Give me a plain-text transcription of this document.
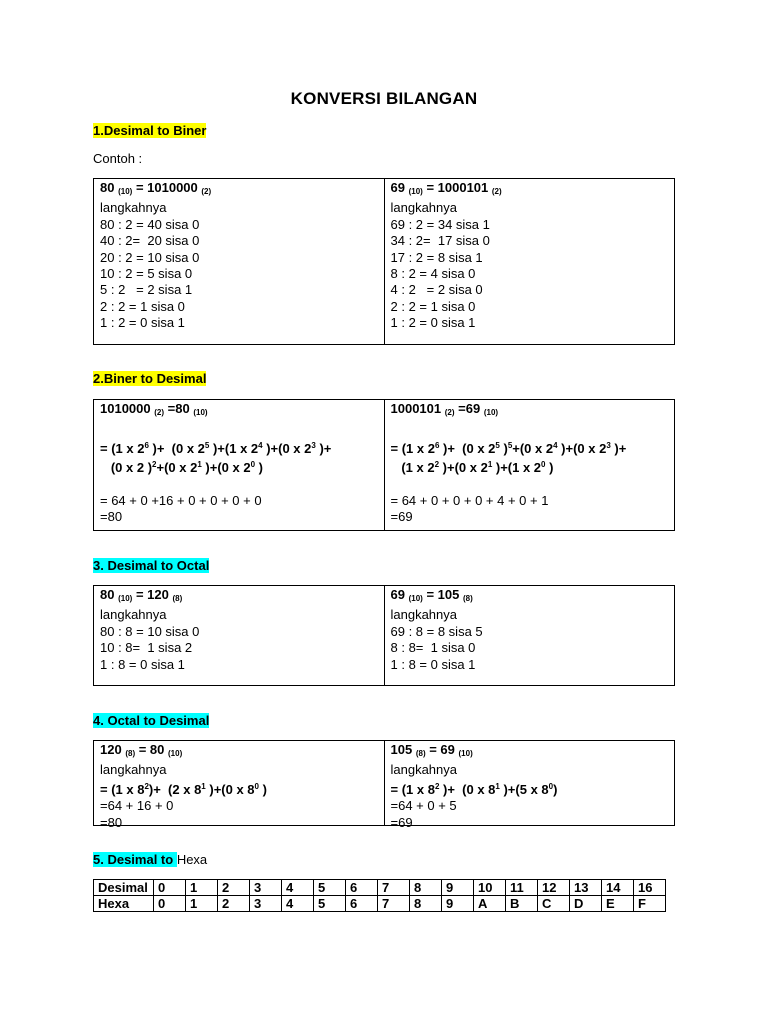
KONVERSI BILANGAN
1.Desimal to Biner
Contoh :
80 $_{(10)}$ = 1010000 $_{(2)}$
langkahnya
80 : 2 = 40 sisa 0
40 : 2=  20 sisa 0
20 : 2 = 10 sisa 0
10 : 2 = 5 sisa 0
5 : 2   = 2 sisa 1
2 : 2 = 1 sisa 0
1 : 2 = 0 sisa 1
69 $_{(10)}$ = 1000101 $_{(2)}$
langkahnya
69 : 2 = 34 sisa 1
34 : 2=  17 sisa 0
17 : 2 = 8 sisa 1
8 : 2 = 4 sisa 0
4 : 2   = 2 sisa 0
2 : 2 = 1 sisa 0
1 : 2 = 0 sisa 1
2.Biner to Desimal
1010000 $_{(2)}$ =80 $_{(10)}$
= (1 x $2^6$ )+  (0 x $2^5$ )+(1 x $2^4$ )+(0 x $2^3$ )+
(0 x 2 )$^2$+(0 x $2^1$ )+(0 x $2^0$ )
= 64 + 0 +16 + 0 + 0 + 0 + 0
=80
1000101 $_{(2)}$ =69 $_{(10)}$
= (1 x $2^6$ )+  (0 x $2^5$ )$^5$+(0 x $2^4$ )+(0 x $2^3$ )+
(1 x $2^2$ )+(0 x $2^1$ )+(1 x $2^0$ )
= 64 + 0 + 0 + 0 + 4 + 0 + 1
=69
3. Desimal to Octal
80 $_{(10)}$ = 120 $_{(8)}$
langkahnya
80 : 8 = 10 sisa 0
10 : 8=  1 sisa 2
1 : 8 = 0 sisa 1
69 $_{(10)}$ = 105 $_{(8)}$
langkahnya
69 : 8 = 8 sisa 5
8 : 8=  1 sisa 0
1 : 8 = 0 sisa 1
4. Octal to Desimal
120 $_{(8)}$ = 80 $_{(10)}$
langkahnya
= (1 x $8^2)+ (2$ x $8^1$ )+(0 x $8^0$ )
=64 + 16 + 0
=80
105 $_{(8)}$ = 69 $_{(10)}$
langkahnya
= (1 x $8^2$ )+  (0 x $8^1$ )+(5 x $8^0$)
=64 + 0 + 5
=69
5. Desimal to Hexa
Desimal	0	1	2	3	4	5	6	7	8	9	10	11	12	13	14	16
Hexa	0	1	2	3	4	5	6	7	8	9	A	B	C	D	E	F
